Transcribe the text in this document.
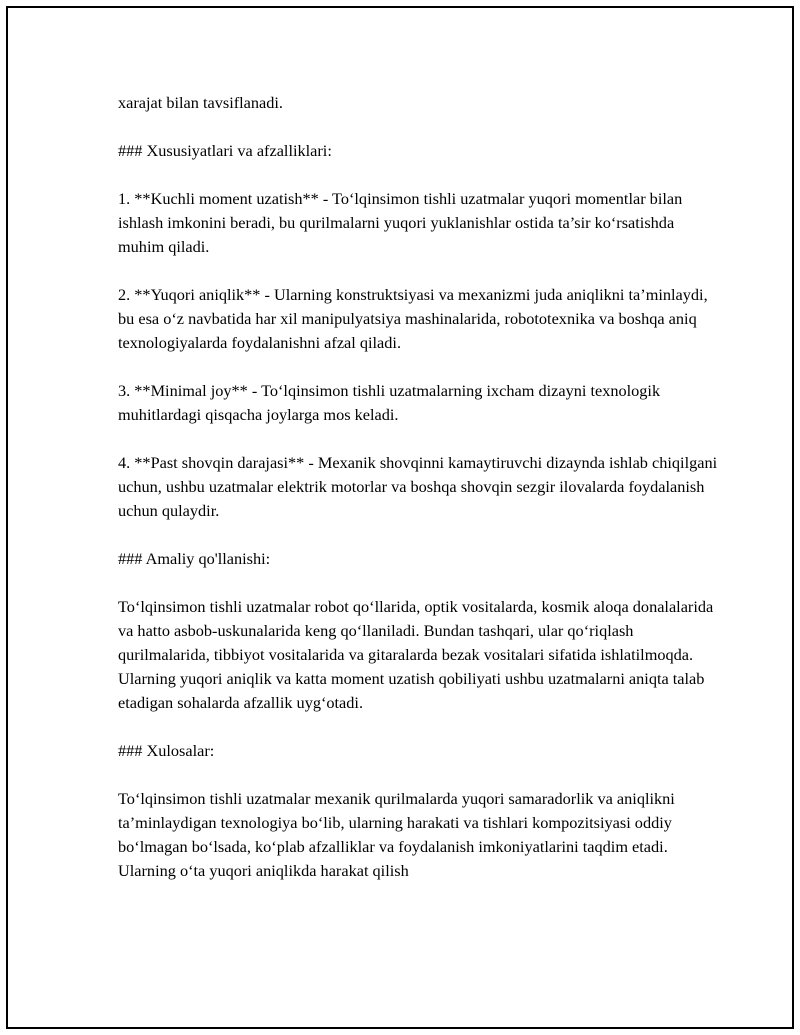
xarajat bilan tavsiflanadi.

### Xususiyatlari va afzalliklari:

1. **Kuchli moment uzatish** - To‘lqinsimon tishli uzatmalar yuqori momentlar bilan ishlash imkonini beradi, bu qurilmalarni yuqori yuklanishlar ostida ta’sir ko‘rsatishda muhim qiladi.

2. **Yuqori aniqlik** - Ularning konstruktsiyasi va mexanizmi juda aniqlikni ta’minlaydi, bu esa o‘z navbatida har xil manipulyatsiya mashinalarida, robototexnika va boshqa aniq texnologiyalarda foydalanishni afzal qiladi.

3. **Minimal joy** - To‘lqinsimon tishli uzatmalarning ixcham dizayni texnologik muhitlardagi qisqacha joylarga mos keladi.

4. **Past shovqin darajasi** - Mexanik shovqinni kamaytiruvchi dizaynda ishlab chiqilgani uchun, ushbu uzatmalar elektrik motorlar va boshqa shovqin sezgir ilovalarda foydalanish uchun qulaydir.

### Amaliy qo'llanishi:

To‘lqinsimon tishli uzatmalar robot qo‘llarida, optik vositalarda, kosmik aloqa donalalarida va hatto asbob-uskunalarida keng qo‘llaniladi. Bundan tashqari, ular qo‘riqlash qurilmalarida, tibbiyot vositalarida va gitaralarda bezak vositalari sifatida ishlatilmoqda. Ularning yuqori aniqlik va katta moment uzatish qobiliyati ushbu uzatmalarni aniqta talab etadigan sohalarda afzallik uyg‘otadi.

### Xulosalar:

To‘lqinsimon tishli uzatmalar mexanik qurilmalarda yuqori samaradorlik va aniqlikni ta’minlaydigan texnologiya bo‘lib, ularning harakati va tishlari kompozitsiyasi oddiy bo‘lmagan bo‘lsada, ko‘plab afzalliklar va foydalanish imkoniyatlarini taqdim etadi. Ularning o‘ta yuqori aniqlikda harakat qilish
